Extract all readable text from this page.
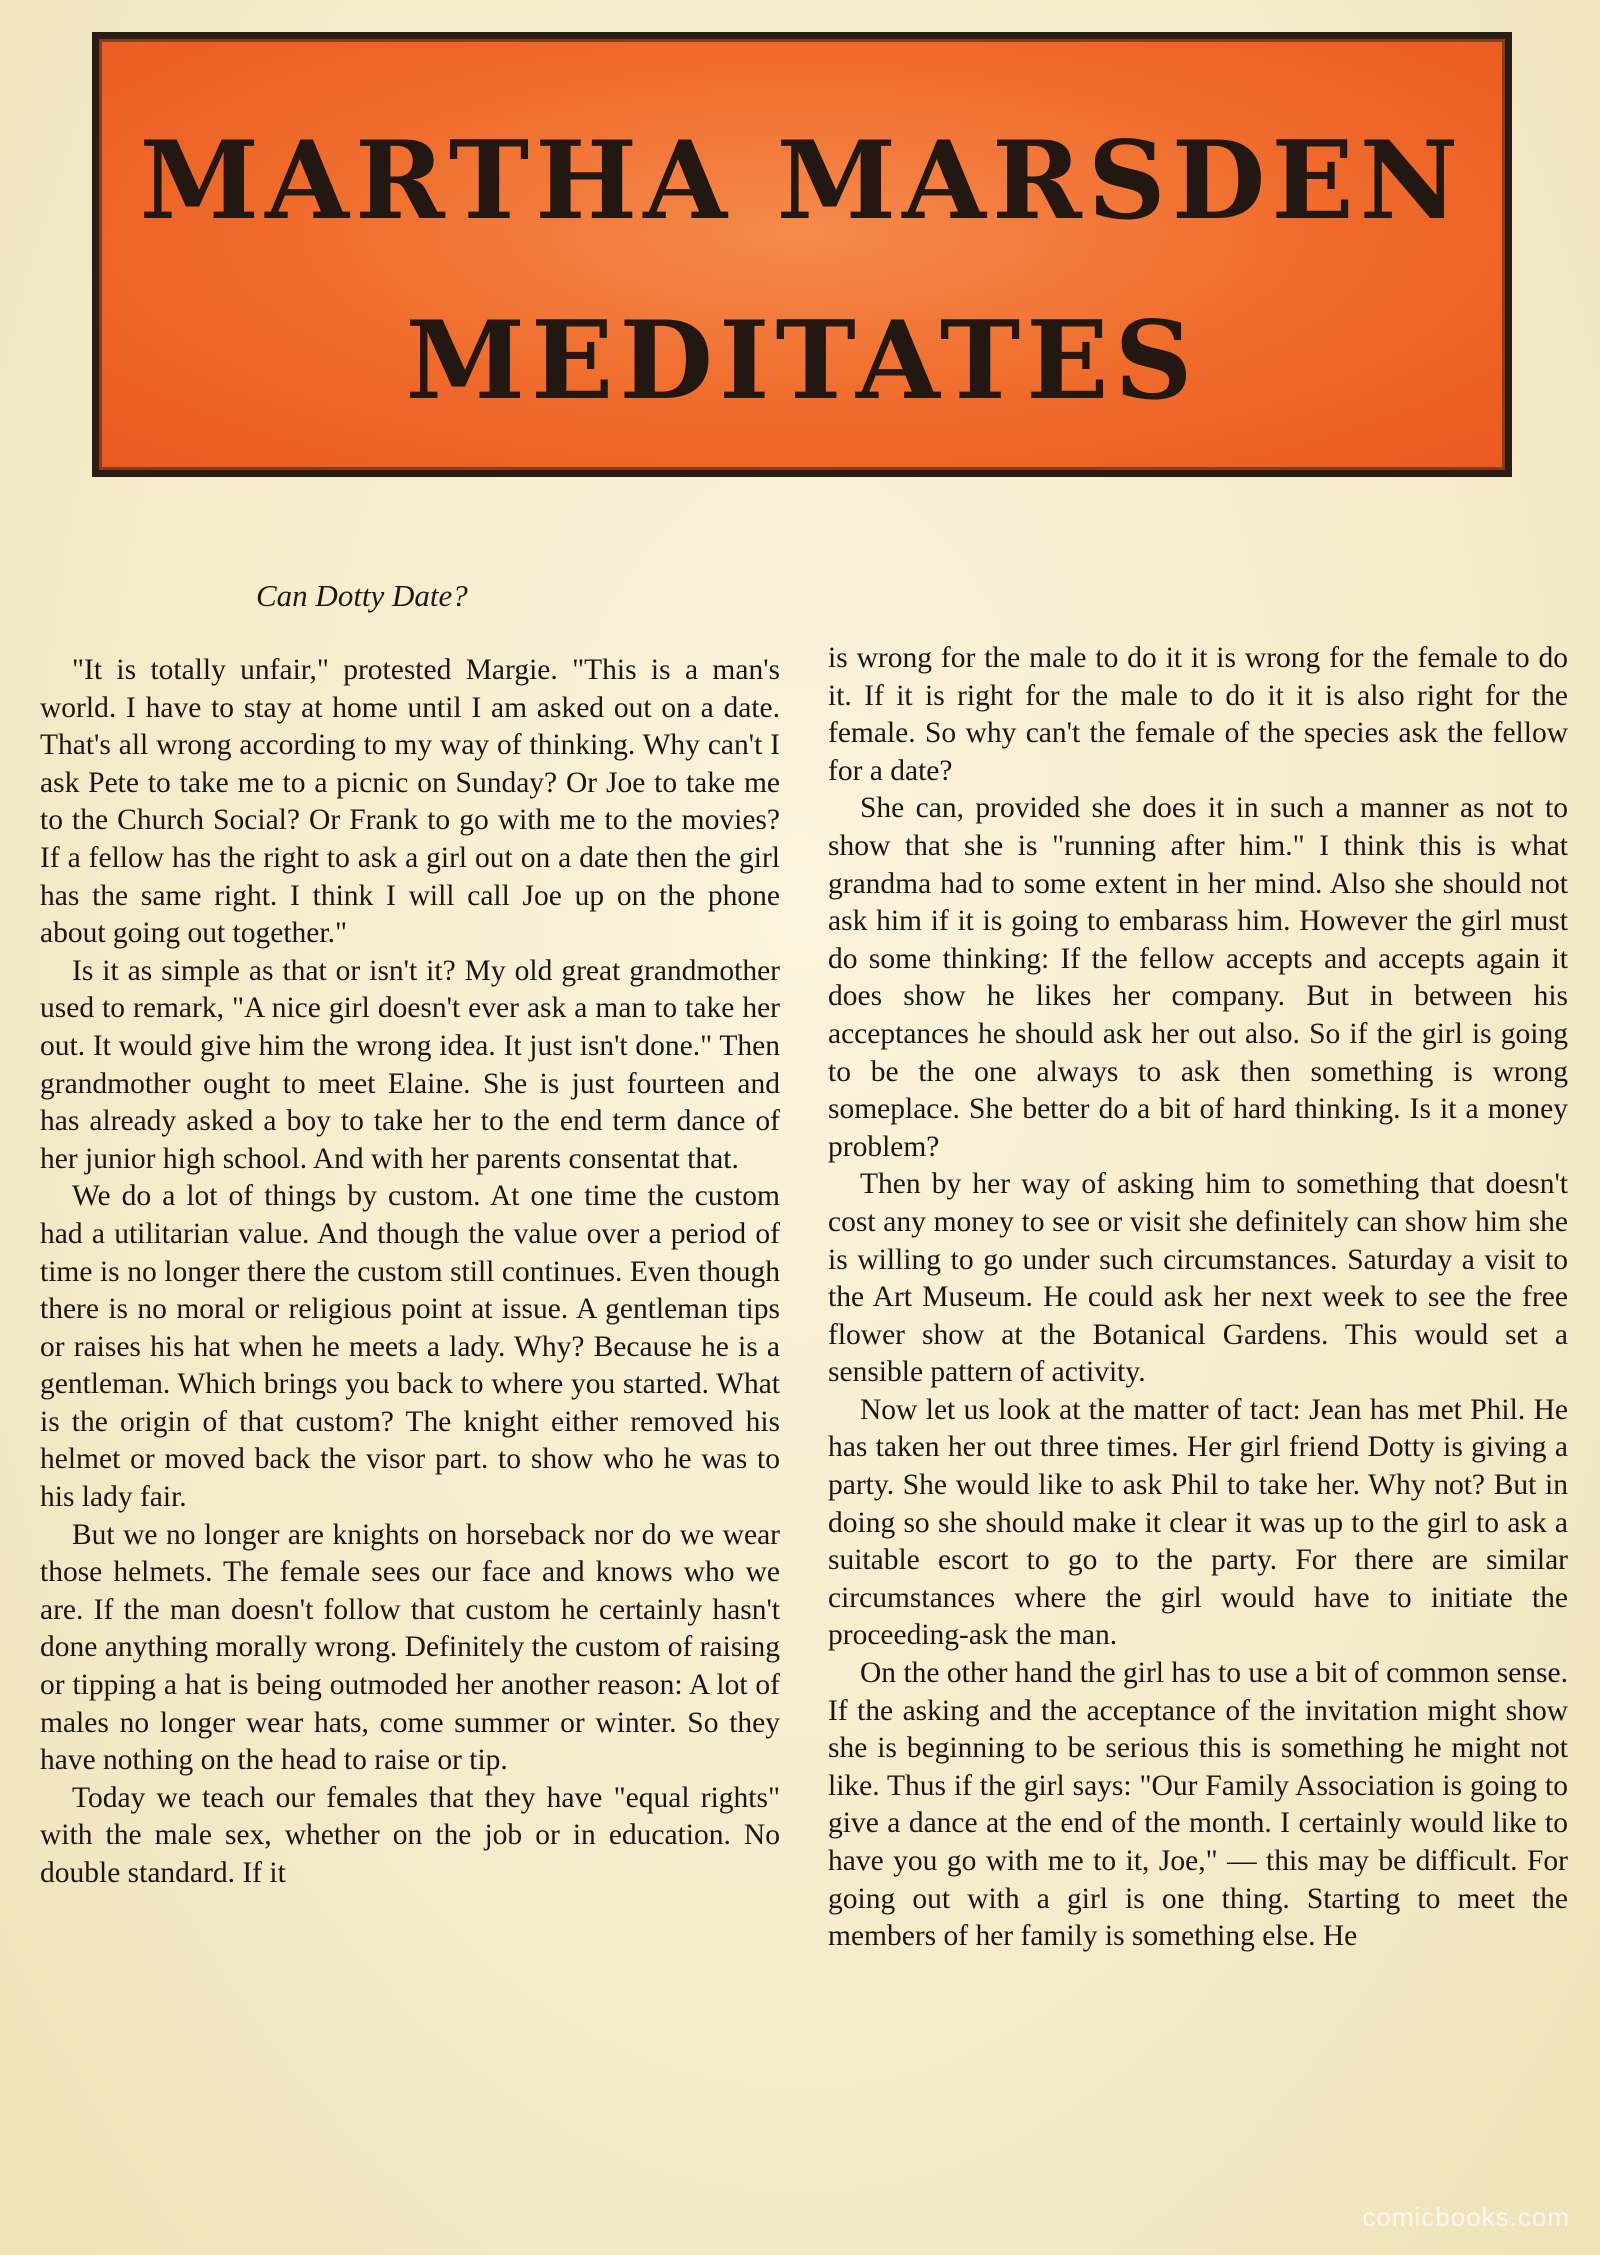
MARTHA MARSDEN
MEDITATES
Can Dotty Date?

"It is totally unfair," protested Margie. "This is a man's world. I have to stay at home until I am asked out on a date. That's all wrong according to my way of thinking. Why can't I ask Pete to take me to a picnic on Sunday? Or Joe to take me to the Church Social? Or Frank to go with me to the movies? If a fellow has the right to ask a girl out on a date then the girl has the same right. I think I will call Joe up on the phone about going out together."

Is it as simple as that or isn't it? My old great grandmother used to remark, "A nice girl doesn't ever ask a man to take her out. It would give him the wrong idea. It just isn't done." Then grandmother ought to meet Elaine. She is just fourteen and has already asked a boy to take her to the end term dance of her junior high school. And with her parents consentat that.

We do a lot of things by custom. At one time the custom had a utilitarian value. And though the value over a period of time is no longer there the custom still continues. Even though there is no moral or religious point at issue. A gentleman tips or raises his hat when he meets a lady. Why? Because he is a gentleman. Which brings you back to where you started. What is the origin of that custom? The knight either removed his helmet or moved back the visor part. to show who he was to his lady fair.

But we no longer are knights on horseback nor do we wear those helmets. The female sees our face and knows who we are. If the man doesn't follow that custom he certainly hasn't done anything morally wrong. Definitely the custom of raising or tipping a hat is being outmoded her another reason: A lot of males no longer wear hats, come summer or winter. So they have nothing on the head to raise or tip.

Today we teach our females that they have "equal rights" with the male sex, whether on the job or in education. No double standard. If it

is wrong for the male to do it it is wrong for the female to do it. If it is right for the male to do it it is also right for the female. So why can't the female of the species ask the fellow for a date?

She can, provided she does it in such a manner as not to show that she is "running after him." I think this is what grandma had to some extent in her mind. Also she should not ask him if it is going to embarass him. However the girl must do some thinking: If the fellow accepts and accepts again it does show he likes her company. But in between his acceptances he should ask her out also. So if the girl is going to be the one always to ask then something is wrong someplace. She better do a bit of hard thinking. Is it a money problem?

Then by her way of asking him to something that doesn't cost any money to see or visit she definitely can show him she is willing to go under such circumstances. Saturday a visit to the Art Museum. He could ask her next week to see the free flower show at the Botanical Gardens. This would set a sensible pattern of activity.

Now let us look at the matter of tact: Jean has met Phil. He has taken her out three times. Her girl friend Dotty is giving a party. She would like to ask Phil to take her. Why not? But in doing so she should make it clear it was up to the girl to ask a suitable escort to go to the party. For there are similar circumstances where the girl would have to initiate the proceeding-ask the man.

On the other hand the girl has to use a bit of common sense. If the asking and the acceptance of the invitation might show she is beginning to be serious this is something he might not like. Thus if the girl says: "Our Family Association is going to give a dance at the end of the month. I certainly would like to have you go with me to it, Joe," — this may be difficult. For going out with a girl is one thing. Starting to meet the members of her family is something else. He

comicbooks.com
